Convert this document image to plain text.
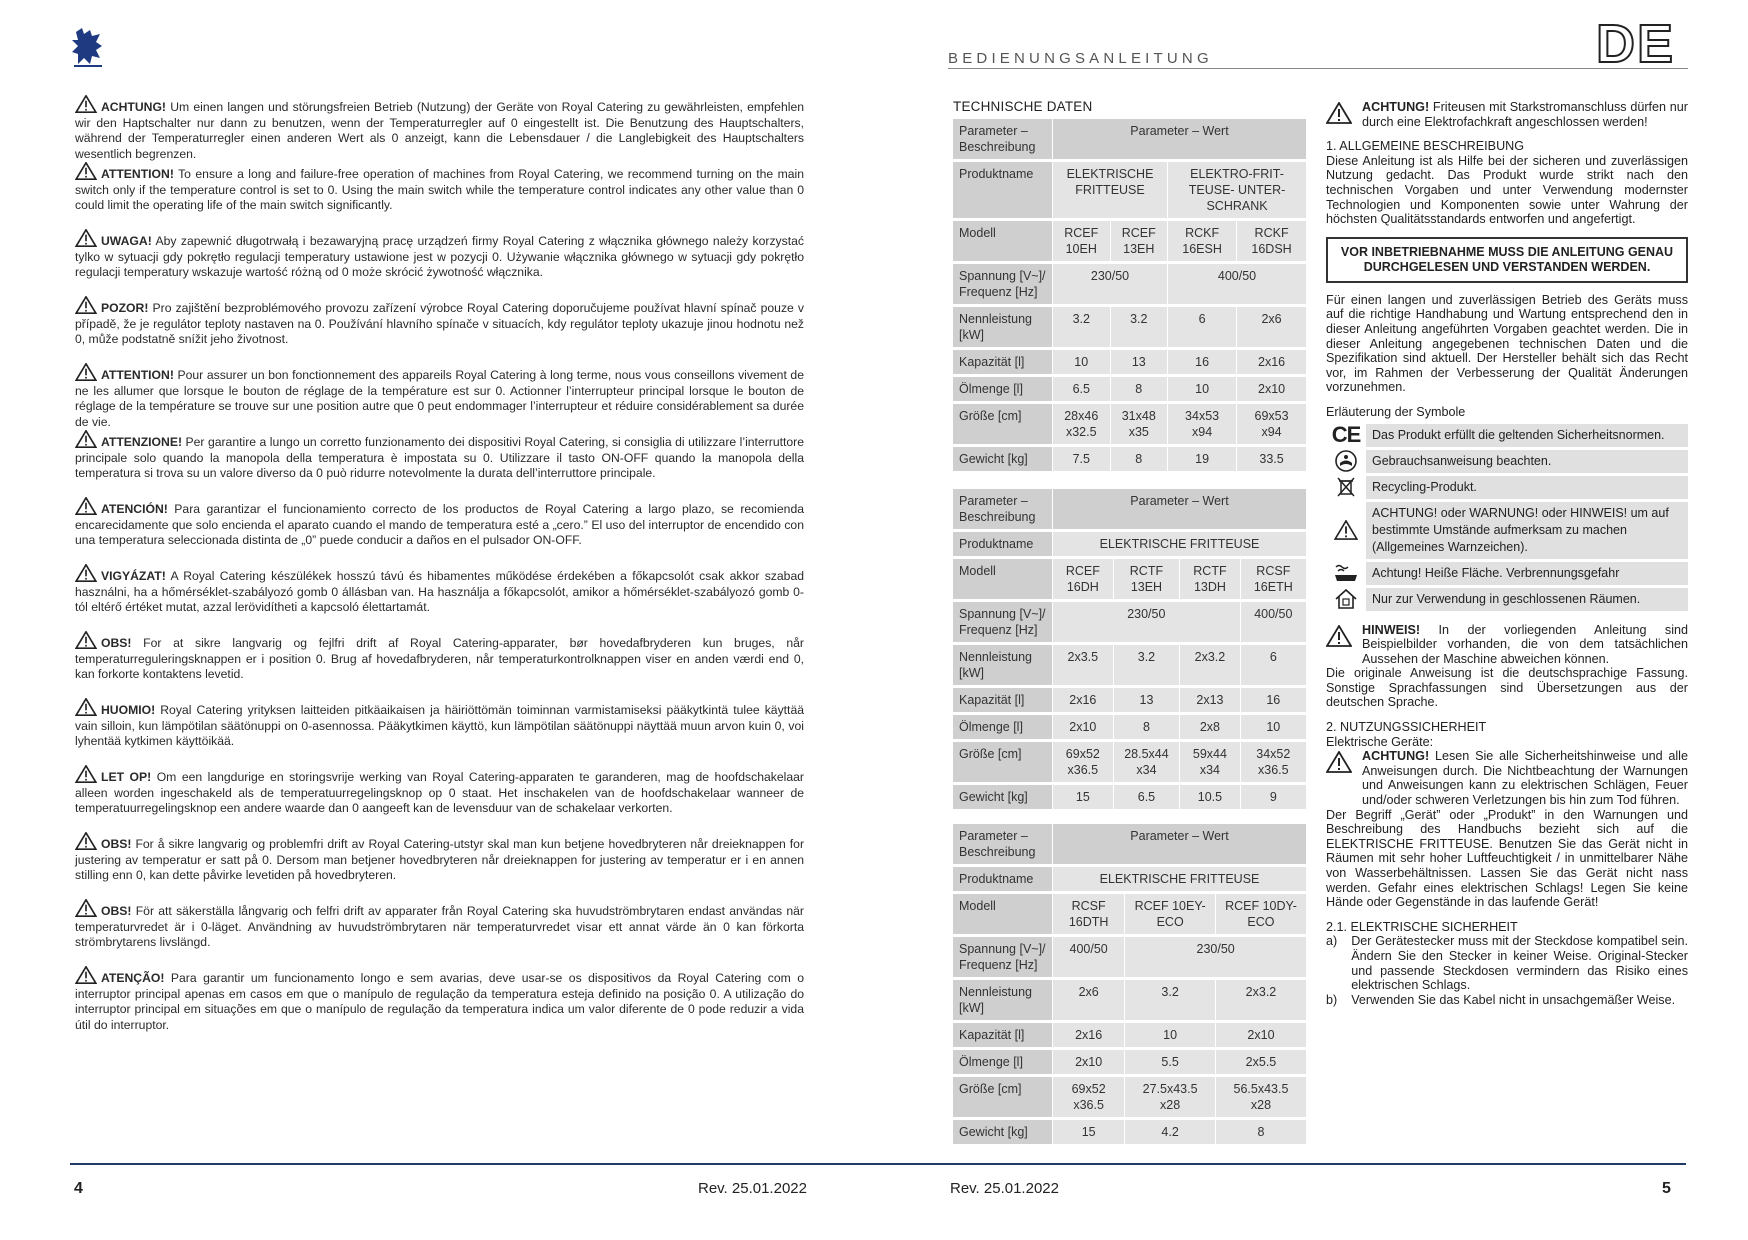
BEDIENUNGSANLEITUNG	DE
ACHTUNG! Um einen langen und störungsfreien Betrieb (Nutzung) der Geräte von Royal Catering zu gewährleisten, empfehlen wir den Haptschalter nur dann zu benutzen, wenn der Temperaturregler auf 0 eingestellt ist. Die Benutzung des Hauptschalters, während der Temperaturregler einen anderen Wert als 0 anzeigt, kann die Lebensdauer / die Langlebigkeit des Hauptschalters wesentlich begrenzen.
ATTENTION! To ensure a long and failure-free operation of machines from Royal Catering, we recommend turning on the main switch only if the temperature control is set to 0. Using the main switch while the temperature control indicates any other value than 0 could limit the operating life of the main switch significantly.
UWAGA! Aby zapewnić długotrwałą i bezawaryjną pracę urządzeń firmy Royal Catering z włącznika głównego należy korzystać tylko w sytuacji gdy pokrętło regulacji temperatury ustawione jest w pozycji 0. Używanie włącznika głównego w sytuacji gdy pokrętło regulacji temperatury wskazuje wartość różną od 0 może skrócić żywotność włącznika.
POZOR! Pro zajištění bezproblémového provozu zařízení výrobce Royal Catering doporučujeme používat hlavní spínač pouze v případě, že je regulátor teploty nastaven na 0. Používání hlavního spínače v situacích, kdy regulátor teploty ukazuje jinou hodnotu než 0, může podstatně snížit jeho životnost.
ATTENTION! Pour assurer un bon fonctionnement des appareils Royal Catering à long terme, nous vous conseillons vivement de ne les allumer que lorsque le bouton de réglage de la température est sur 0. Actionner l’interrupteur principal lorsque le bouton de réglage de la température se trouve sur une position autre que 0 peut endommager l’interrupteur et réduire considérablement sa durée de vie.
ATTENZIONE! Per garantire a lungo un corretto funzionamento dei dispositivi Royal Catering, si consiglia di utilizzare l’interruttore principale solo quando la manopola della temperatura è impostata su 0. Utilizzare il tasto ON-OFF quando la manopola della temperatura si trova su un valore diverso da 0 può ridurre notevolmente la durata dell’interruttore principale.
ATENCIÓN! Para garantizar el funcionamiento correcto de los productos de Royal Catering a largo plazo, se recomienda encarecidamente que solo encienda el aparato cuando el mando de temperatura esté a „cero.” El uso del interruptor de encendido con una temperatura seleccionada distinta de „0” puede conducir a daños en el pulsador ON-OFF.
VIGYÁZAT! A Royal Catering készülékek hosszú távú és hibamentes működése érdekében a főkapcsolót csak akkor szabad használni, ha a hőmérséklet-szabályozó gomb 0 állásban van. Ha használja a főkapcsolót, amikor a hőmérséklet-szabályozó gomb 0-tól eltérő értéket mutat, azzal lerövidítheti a kapcsoló élettartamát.
OBS! For at sikre langvarig og fejlfri drift af Royal Catering-apparater, bør hovedafbryderen kun bruges, når temperaturreguleringsknappen er i position 0. Brug af hovedafbryderen, når temperaturkontrolknappen viser en anden værdi end 0, kan forkorte kontaktens levetid.
HUOMIO! Royal Catering yrityksen laitteiden pitkäaikaisen ja häiriöttömän toiminnan varmistamiseksi pääkytkintä tulee käyttää vain silloin, kun lämpötilan säätönuppi on 0-asennossa. Pääkytkimen käyttö, kun lämpötilan säätönuppi näyttää muun arvon kuin 0, voi lyhentää kytkimen käyttöikää.
LET OP! Om een langdurige en storingsvrije werking van Royal Catering-apparaten te garanderen, mag de hoofdschakelaar alleen worden ingeschakeld als de temperatuurregelingsknop op 0 staat. Het inschakelen van de hoofdschakelaar wanneer de temperatuurregelingsknop een andere waarde dan 0 aangeeft kan de levensduur van de schakelaar verkorten.
OBS! For å sikre langvarig og problemfri drift av Royal Catering-utstyr skal man kun betjene hovedbryteren når dreieknappen for justering av temperatur er satt på 0. Dersom man betjener hovedbryteren når dreieknappen for justering av temperatur er i en annen stilling enn 0, kan dette påvirke levetiden på hovedbryteren.
OBS! För att säkerställa långvarig och felfri drift av apparater från Royal Catering ska huvudströmbrytaren endast användas när temperaturvredet är i 0-läget. Användning av huvudströmbrytaren när temperaturvredet visar ett annat värde än 0 kan förkorta strömbrytarens livslängd.
ATENÇÃO! Para garantir um funcionamento longo e sem avarias, deve usar-se os dispositivos da Royal Catering com o interruptor principal apenas em casos em que o manípulo de regulação da temperatura esteja definido na posição 0. A utilização do interruptor principal em situações em que o manípulo de regulação da temperatura indica um valor diferente de 0 pode reduzir a vida útil do interruptor.
TECHNISCHE DATEN
Parameter – Beschreibung	Parameter – Wert			
Produktname	ELEKTRISCHE FRITTEUSE		ELEKTRO-FRIT-TEUSE- UNTER-SCHRANK	
Modell	RCEF 10EH	RCEF 13EH	RCKF 16ESH	RCKF 16DSH
Spannung [V~]/ Frequenz [Hz]	230/50		400/50	
Nennleistung [kW]	3.2	3.2	6	2x6
Kapazität [l]	10	13	16	2x16
Ölmenge [l]	6.5	8	10	2x10
Größe [cm]	28x46 x32.5	31x48 x35	34x53 x94	69x53 x94
Gewicht [kg]	7.5	8	19	33.5
Parameter – Beschreibung	Parameter – Wert			
Produktname	ELEKTRISCHE FRITTEUSE			
Modell	RCEF 16DH	RCTF 13EH	RCTF 13DH	RCSF 16ETH
Spannung [V~]/ Frequenz [Hz]	230/50			400/50
Nennleistung [kW]	2x3.5	3.2	2x3.2	6
Kapazität [l]	2x16	13	2x13	16
Ölmenge [l]	2x10	8	2x8	10
Größe [cm]	69x52 x36.5	28.5x44 x34	59x44 x34	34x52 x36.5
Gewicht [kg]	15	6.5	10.5	9
Parameter – Beschreibung	Parameter – Wert		
Produktname	ELEKTRISCHE FRITTEUSE		
Modell	RCSF 16DTH	RCEF 10EY-ECO	RCEF 10DY-ECO
Spannung [V~]/ Frequenz [Hz]	400/50	230/50	
Nennleistung [kW]	2x6	3.2	2x3.2
Kapazität [l]	2x16	10	2x10
Ölmenge [l]	2x10	5.5	2x5.5
Größe [cm]	69x52 x36.5	27.5x43.5 x28	56.5x43.5 x28
Gewicht [kg]	15	4.2	8
ACHTUNG! Friteusen mit Starkstromanschluss dürfen nur durch eine Elektrofachkraft angeschlossen werden!
1. ALLGEMEINE BESCHREIBUNG
Diese Anleitung ist als Hilfe bei der sicheren und zuverlässigen Nutzung gedacht. Das Produkt wurde strikt nach den technischen Vorgaben und unter Verwendung modernster Technologien und Komponenten sowie unter Wahrung der höchsten Qualitätsstandards entworfen und angefertigt.
VOR INBETRIEBNAHME MUSS DIE ANLEITUNG GENAU DURCHGELESEN UND VERSTANDEN WERDEN.
Für einen langen und zuverlässigen Betrieb des Geräts muss auf die richtige Handhabung und Wartung entsprechend den in dieser Anleitung angeführten Vorgaben geachtet werden. Die in dieser Anleitung angegebenen technischen Daten und die Spezifikation sind aktuell. Der Hersteller behält sich das Recht vor, im Rahmen der Verbesserung der Qualität Änderungen vorzunehmen.
Erläuterung der Symbole
CE Das Produkt erfüllt die geltenden Sicherheitsnormen.
Gebrauchsanweisung beachten.
Recycling-Produkt.
ACHTUNG! oder WARNUNG! oder HINWEIS! um auf bestimmte Umstände aufmerksam zu machen (Allgemeines Warnzeichen).
Achtung! Heiße Fläche. Verbrennungsgefahr
Nur zur Verwendung in geschlossenen Räumen.
HINWEIS! In der vorliegenden Anleitung sind Beispielbilder vorhanden, die von dem tatsächlichen Aussehen der Maschine abweichen können.
Die originale Anweisung ist die deutschsprachige Fassung. Sonstige Sprachfassungen sind Übersetzungen aus der deutschen Sprache.
2. NUTZUNGSSICHERHEIT
Elektrische Geräte:
ACHTUNG! Lesen Sie alle Sicherheitshinweise und alle Anweisungen durch. Die Nichtbeachtung der Warnungen und Anweisungen kann zu elektrischen Schlägen, Feuer und/oder schweren Verletzungen bis hin zum Tod führen.
Der Begriff „Gerät” oder „Produkt” in den Warnungen und Beschreibung des Handbuchs bezieht sich auf die ELEKTRISCHE FRITTEUSE. Benutzen Sie das Gerät nicht in Räumen mit sehr hoher Luftfeuchtigkeit / in unmittelbarer Nähe von Wasserbehältnissen. Lassen Sie das Gerät nicht nass werden. Gefahr eines elektrischen Schlags! Legen Sie keine Hände oder Gegenstände in das laufende Gerät!
2.1. ELEKTRISCHE SICHERHEIT
a) Der Gerätestecker muss mit der Steckdose kompatibel sein. Ändern Sie den Stecker in keiner Weise. Original-Stecker und passende Steckdosen vermindern das Risiko eines elektrischen Schlags.
b) Verwenden Sie das Kabel nicht in unsachgemäßer Weise.
4	Rev. 25.01.2022	Rev. 25.01.2022	5
